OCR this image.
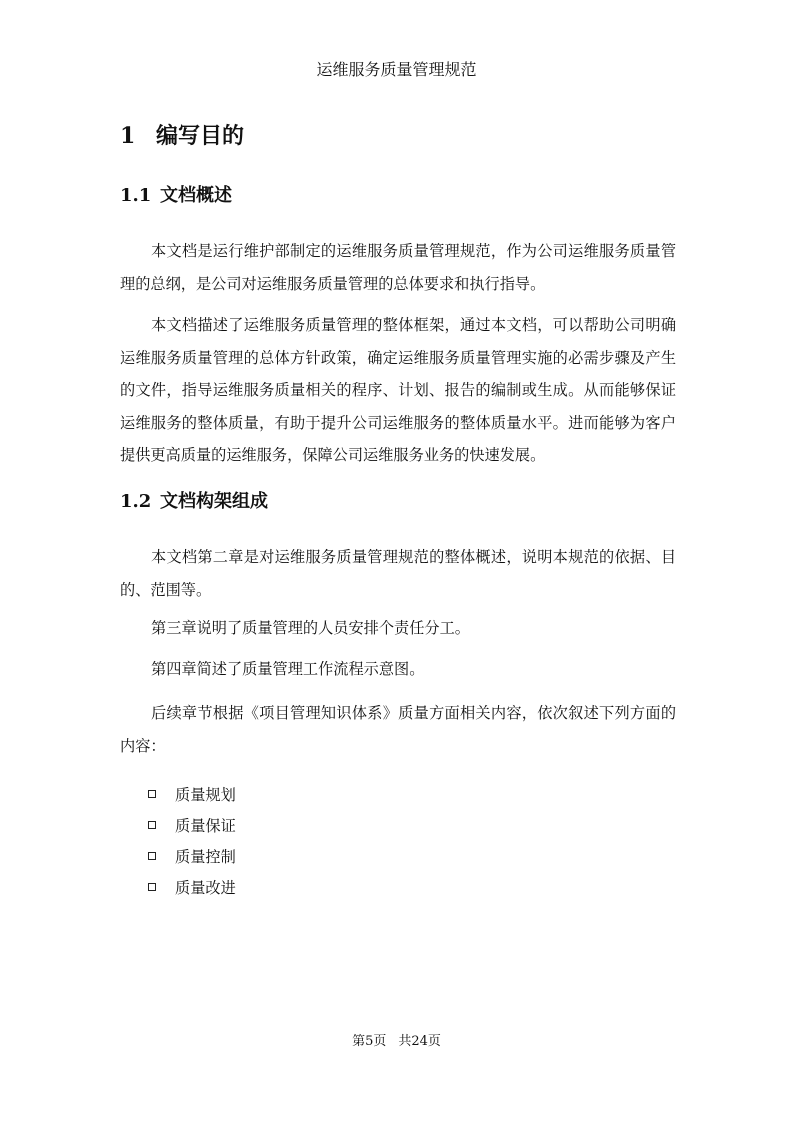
运维服务质量管理规范
1 编写目的
1.1 文档概述

本文档是运行维护部制定的运维服务质量管理规范，作为公司运维服务质量管理的总纲，是公司对运维服务质量管理的总体要求和执行指导。

本文档描述了运维服务质量管理的整体框架，通过本文档，可以帮助公司明确运维服务质量管理的总体方针政策，确定运维服务质量管理实施的必需步骤及产生的文件，指导运维服务质量相关的程序、计划、报告的编制或生成。从而能够保证运维服务的整体质量，有助于提升公司运维服务的整体质量水平。进而能够为客户提供更高质量的运维服务，保障公司运维服务业务的快速发展。

1.2 文档构架组成

本文档第二章是对运维服务质量管理规范的整体概述，说明本规范的依据、目的、范围等。

第三章说明了质量管理的人员安排个责任分工。

第四章简述了质量管理工作流程示意图。

后续章节根据《项目管理知识体系》质量方面相关内容，依次叙述下列方面的内容：

质量规划
质量保证
质量控制
质量改进
第5页 共24页
